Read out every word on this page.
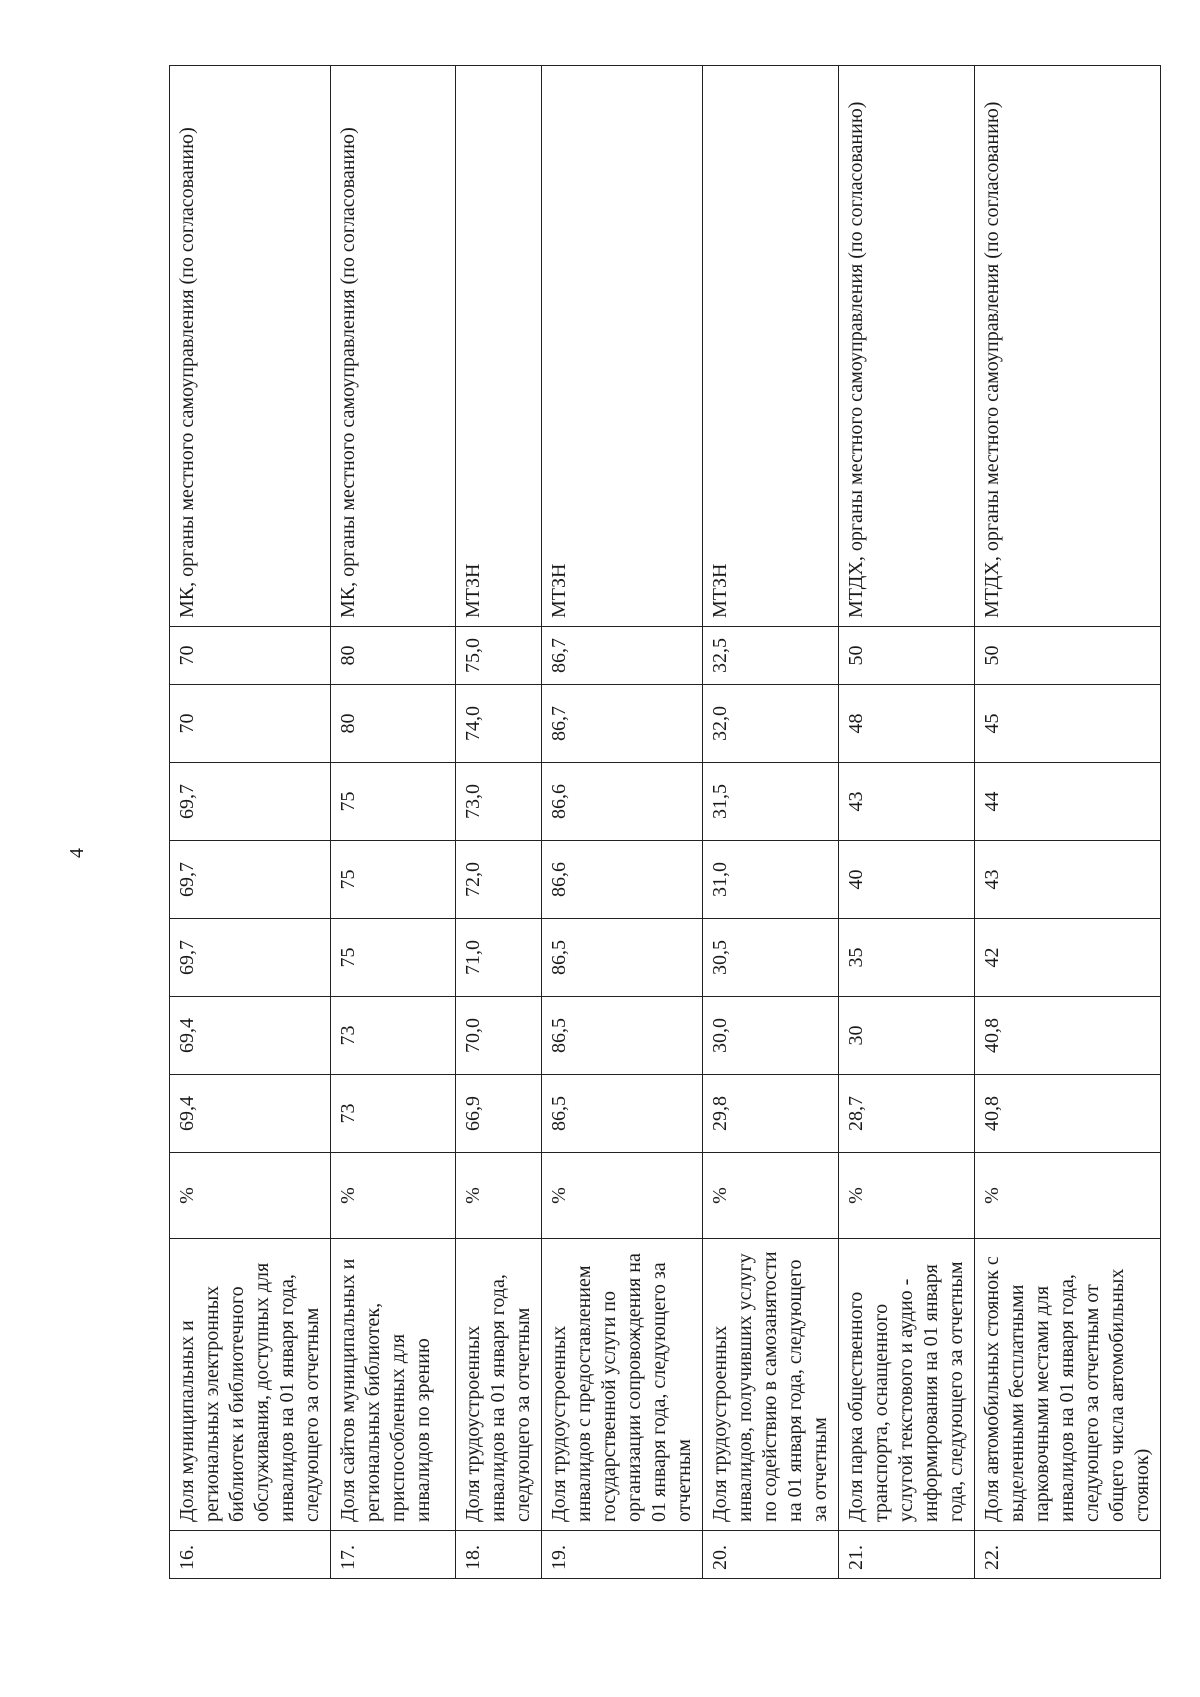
4
16.	Доля муниципальных и региональных электронных библиотек и библиотечного обслуживания, доступных для инвалидов на 01 января года, следующего за отчетным	%	69,4	69,4	69,7	69,7	69,7	70	70	МК, органы местного самоуправления (по согласованию)
17.	Доля сайтов муниципальных и региональных библиотек, приспособленных для инвалидов по зрению	%	73	73	75	75	75	80	80	МК, органы местного самоуправления (по согласованию)
18.	Доля трудоустроенных инвалидов на 01 января года, следующего за отчетным	%	66,9	70,0	71,0	72,0	73,0	74,0	75,0	МТЗН
19.	Доля трудоустроенных инвалидов с предоставлением государственной услуги по организации сопровождения на 01 января года, следующего за отчетным	%	86,5	86,5	86,5	86,6	86,6	86,7	86,7	МТЗН
20.	Доля трудоустроенных инвалидов, получивших услугу по содействию в самозанятости на 01 января года, следующего за отчетным	%	29,8	30,0	30,5	31,0	31,5	32,0	32,5	МТЗН
21.	Доля парка общественного транспорта, оснащенного услугой текстового и аудио - информирования на 01 января года, следующего за отчетным	%	28,7	30	35	40	43	48	50	МТДХ, органы местного самоуправления (по согласованию)
22.	Доля автомобильных стоянок с выделенными бесплатными парковочными местами для инвалидов на 01 января года, следующего за отчетным от общего числа автомобильных стоянок)	%	40,8	40,8	42	43	44	45	50	МТДХ, органы местного самоуправления (по согласованию)
